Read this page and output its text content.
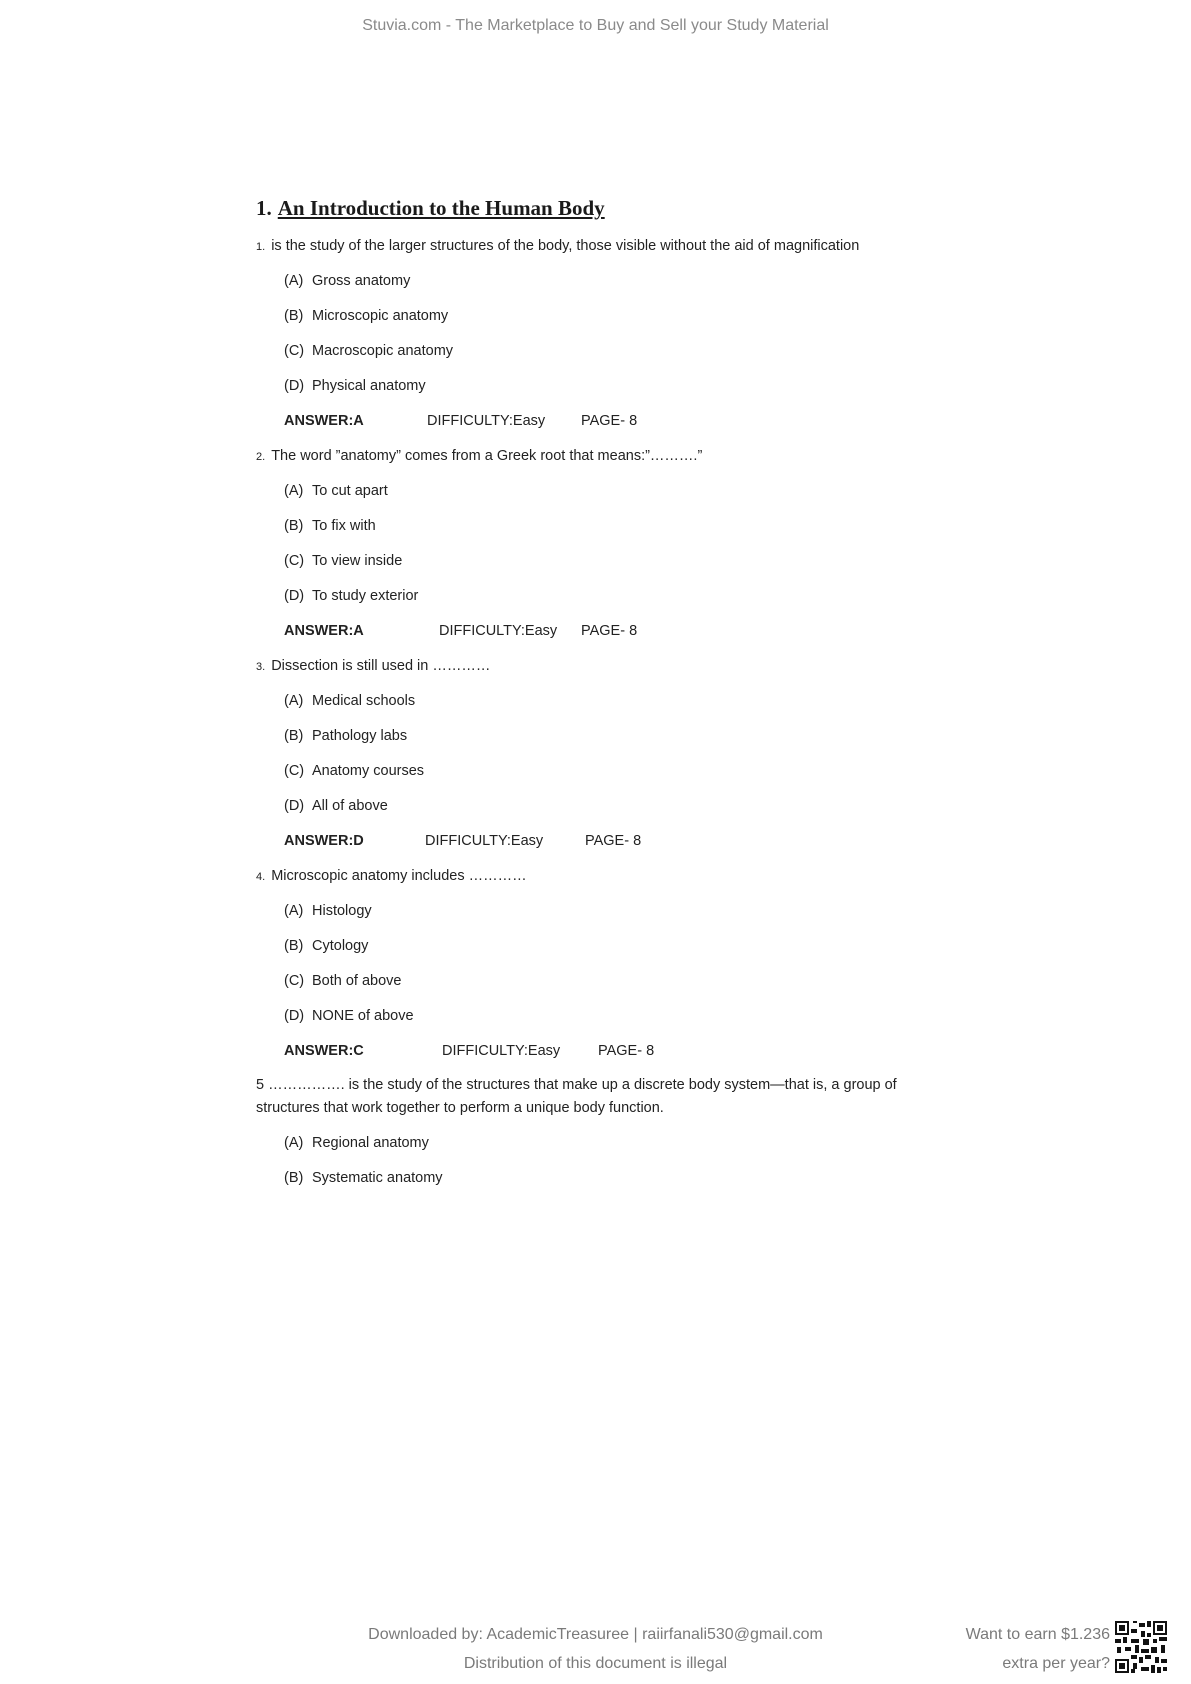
Stuvia.com - The Marketplace to Buy and Sell your Study Material
1. An Introduction to the Human Body
1. is the study of the larger structures of the body, those visible without the aid of magnification
(A) Gross anatomy
(B) Microscopic anatomy
(C) Macroscopic anatomy
(D) Physical anatomy
ANSWER:A	DIFFICULTY:Easy PAGE- 8
2. The word ”anatomy” comes from a Greek root that means:”……….”
(A) To cut apart
(B) To fix with
(C) To view inside
(D) To study exterior
ANSWER:A	DIFFICULTY:Easy PAGE- 8
3. Dissection is still used in …………
(A) Medical schools
(B) Pathology labs
(C) Anatomy courses
(D) All of above
ANSWER:D	DIFFICULTY:Easy	PAGE- 8
4. Microscopic anatomy includes …………
(A) Histology
(B) Cytology
(C) Both of above
(D) NONE of above
ANSWER:C	DIFFICULTY:Easy	PAGE- 8
5 ……………. is the study of the structures that make up a discrete body system—that is, a group of
structures that work together to perform a unique body function.
(A) Regional anatomy
(B) Systematic anatomy
Downloaded by: AcademicTreasuree | raiirfanali530@gmail.com
Distribution of this document is illegal
Want to earn $1.236
extra per year?
